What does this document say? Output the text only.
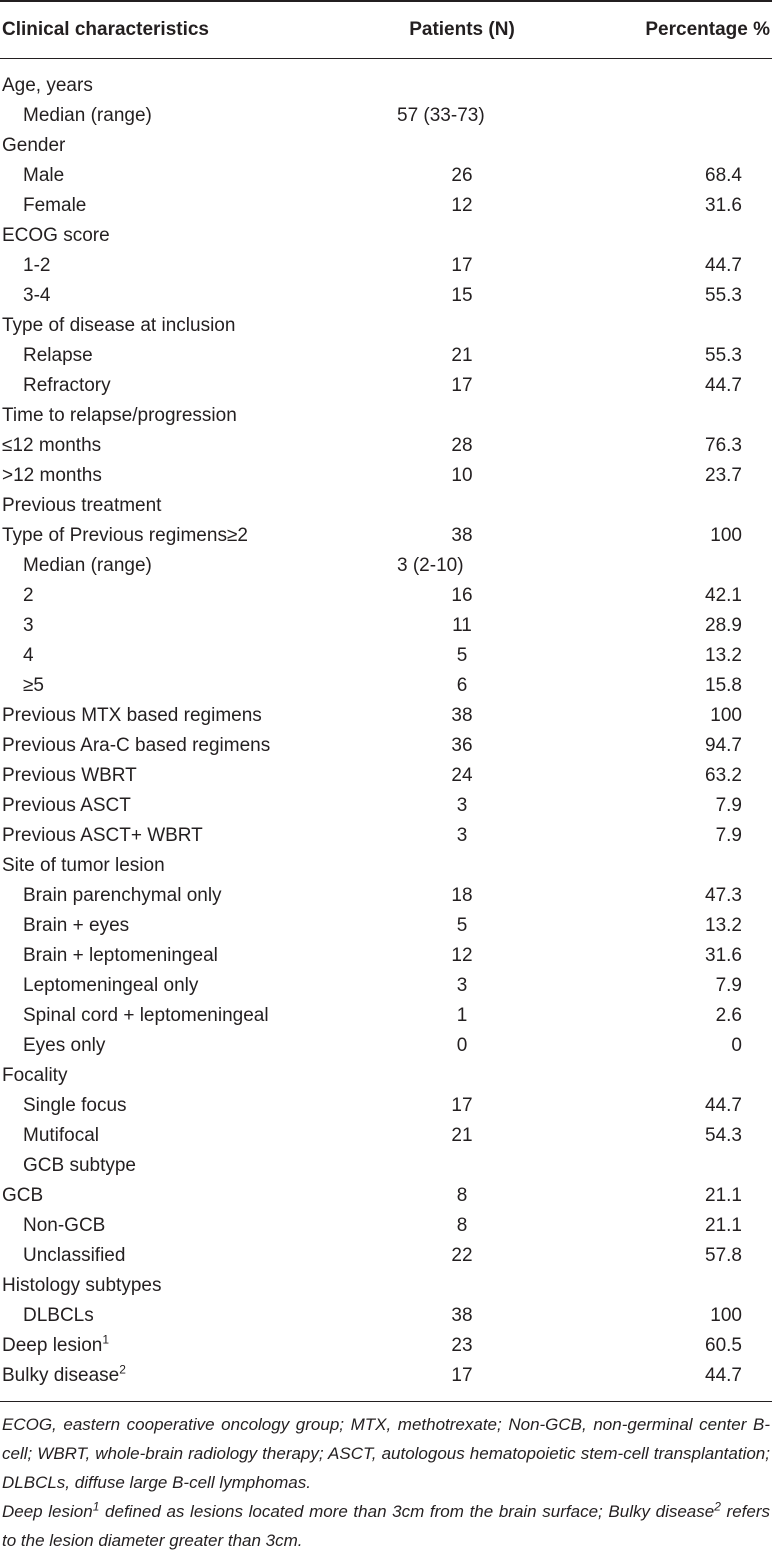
Clinical characteristics	Patients (N)	Percentage %
Age, years
Median (range)	57 (33-73)
Gender
Male	26	68.4
Female	12	31.6
ECOG score
1-2	17	44.7
3-4	15	55.3
Type of disease at inclusion
Relapse	21	55.3
Refractory	17	44.7
Time to relapse/progression
≤12 months	28	76.3
>12 months	10	23.7
Previous treatment
Type of Previous regimens≥2	38	100
Median (range)	3 (2-10)
2	16	42.1
3	11	28.9
4	5	13.2
≥5	6	15.8
Previous MTX based regimens	38	100
Previous Ara-C based regimens	36	94.7
Previous WBRT	24	63.2
Previous ASCT	3	7.9
Previous ASCT+ WBRT	3	7.9
Site of tumor lesion
Brain parenchymal only	18	47.3
Brain + eyes	5	13.2
Brain + leptomeningeal	12	31.6
Leptomeningeal only	3	7.9
Spinal cord + leptomeningeal	1	2.6
Eyes only	0	0
Focality
Single focus	17	44.7
Mutifocal	21	54.3
GCB subtype
GCB	8	21.1
Non-GCB	8	21.1
Unclassified	22	57.8
Histology subtypes
DLBCLs	38	100
Deep lesion$^1$	23	60.5
Bulky disease$^2$	17	44.7
ECOG, eastern cooperative oncology group; MTX, methotrexate; Non-GCB, non-germinal center B-cell; WBRT, whole-brain radiology therapy; ASCT, autologous hematopoietic stem-cell transplantation; DLBCLs, diffuse large B-cell lymphomas.
Deep lesion$^1$ defined as lesions located more than 3cm from the brain surface; Bulky disease$^2$ refers to the lesion diameter greater than 3cm.
